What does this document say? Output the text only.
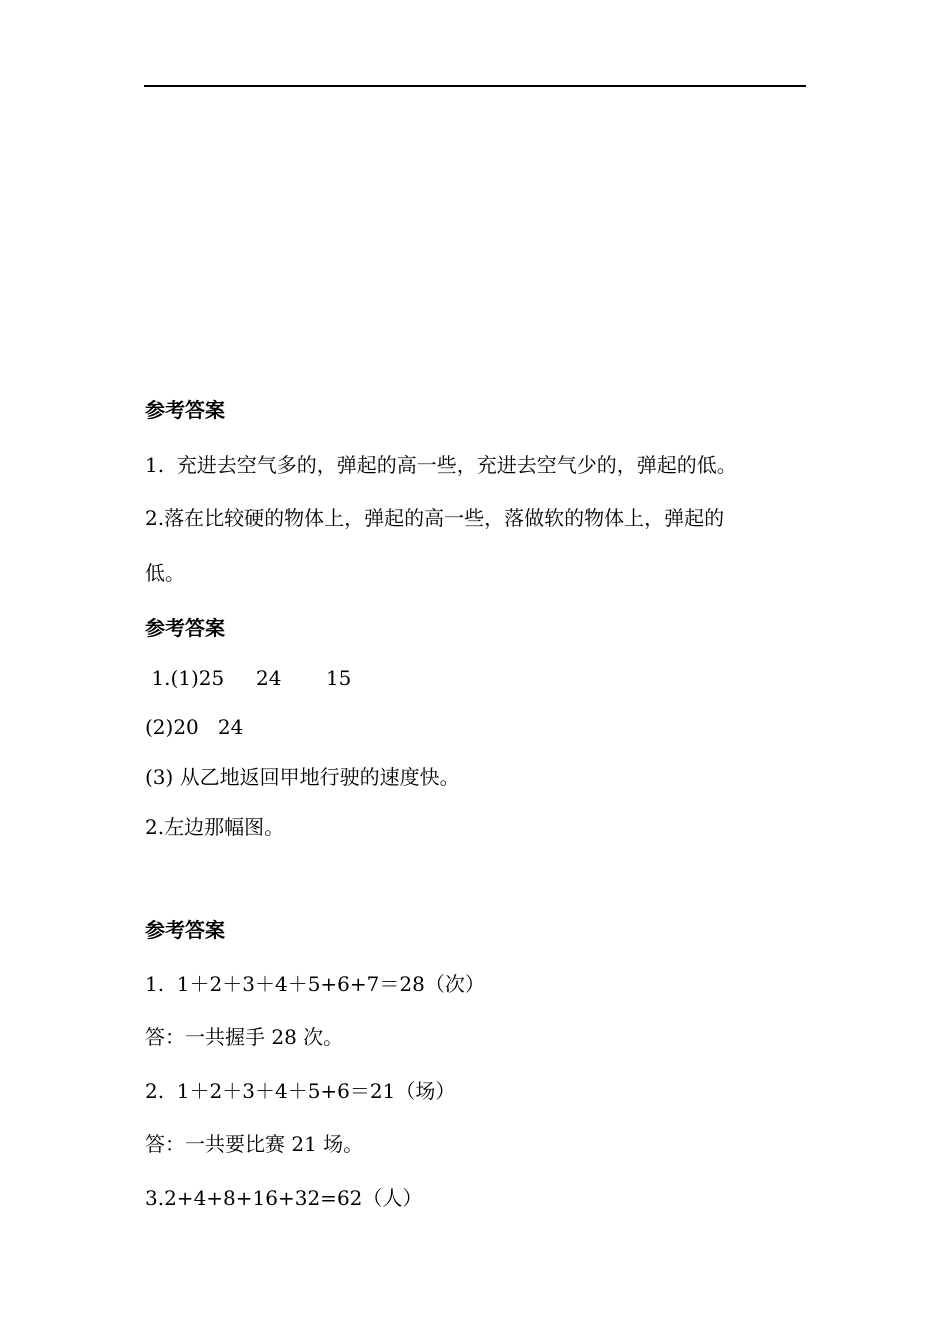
参考答案
1.  充进去空气多的，弹起的高一些，充进去空气少的，弹起的低。
2.落在比较硬的物体上，弹起的高一些，落做软的物体上，弹起的
低。
参考答案
1.(1)25     24       15
(2)20   24
(3) 从乙地返回甲地行驶的速度快。
2.左边那幅图。
参考答案
1.  1＋2＋3＋4＋5+6+7＝28（次）
答：一共握手 28 次。
2.  1＋2＋3＋4＋5+6＝21（场）
答：一共要比赛 21 场。
3.2+4+8+16+32=62（人）
